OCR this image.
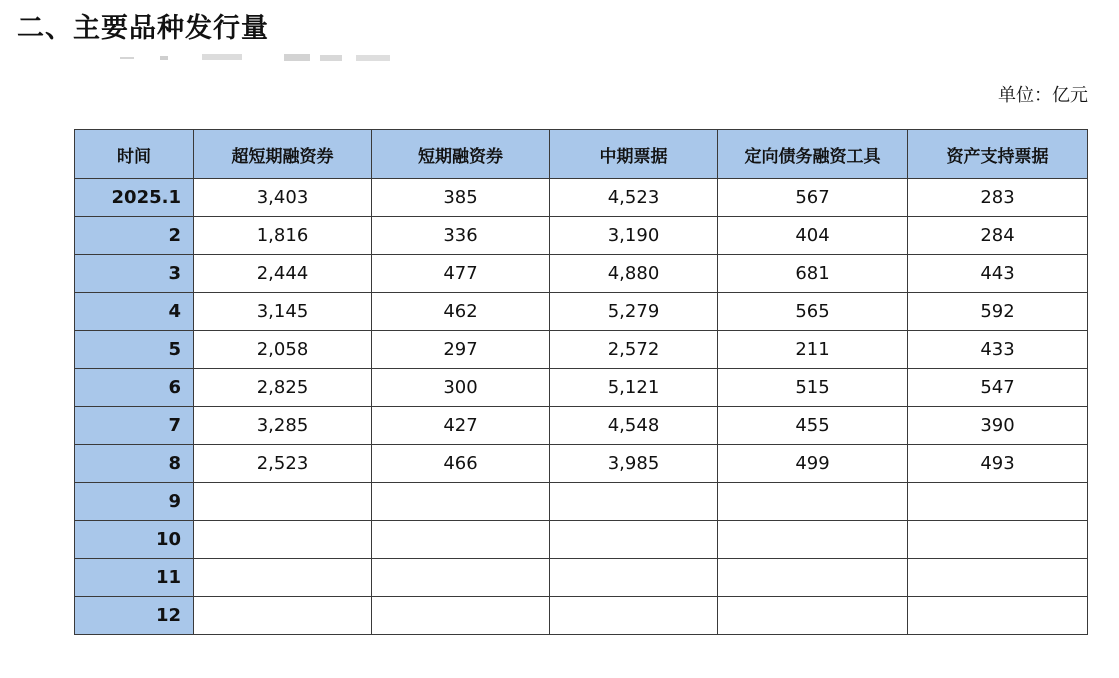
二、主要品种发行量
单位：亿元
时间	超短期融资券	短期融资券	中期票据	定向债务融资工具	资产支持票据
2025.1	3,403	385	4,523	567	283
2	1,816	336	3,190	404	284
3	2,444	477	4,880	681	443
4	3,145	462	5,279	565	592
5	2,058	297	2,572	211	433
6	2,825	300	5,121	515	547
7	3,285	427	4,548	455	390
8	2,523	466	3,985	499	493
9					
10					
11					
12					
